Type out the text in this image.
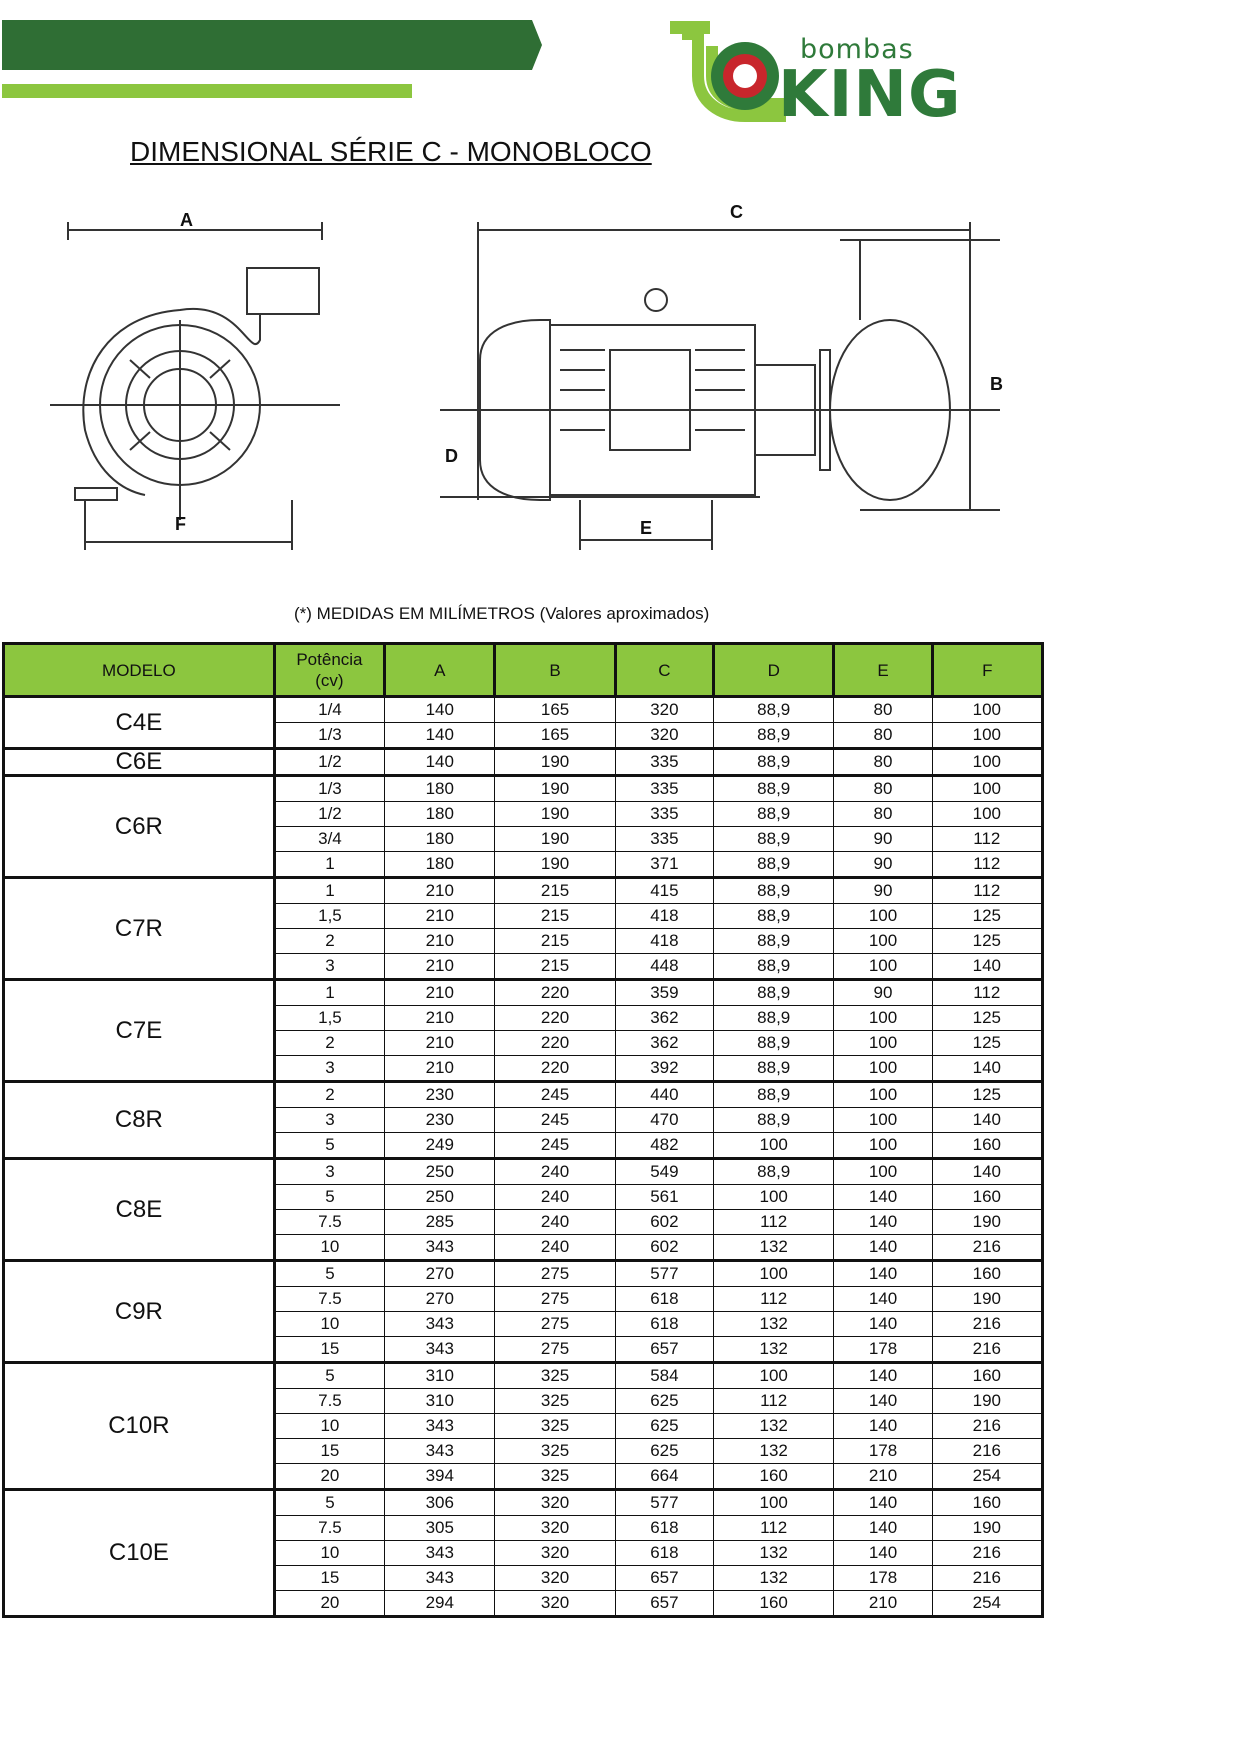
bombas
KING
DIMENSIONAL SÉRIE C - MONOBLOCO
A
F
C
B
D
E
(*) MEDIDAS EM MILÍMETROS (Valores aproximados)
MODELO	Potência
(cv)	A	B	C	D	E	F
C4E	1/4	140	165	320	88,9	80	100
	1/3	140	165	320	88,9	80	100
C6E	1/2	140	190	335	88,9	80	100
C6R	1/3	180	190	335	88,9	80	100
	1/2	180	190	335	88,9	80	100
	3/4	180	190	335	88,9	90	112
	1	180	190	371	88,9	90	112
C7R	1	210	215	415	88,9	90	112
	1,5	210	215	418	88,9	100	125
	2	210	215	418	88,9	100	125
	3	210	215	448	88,9	100	140
C7E	1	210	220	359	88,9	90	112
	1,5	210	220	362	88,9	100	125
	2	210	220	362	88,9	100	125
	3	210	220	392	88,9	100	140
C8R	2	230	245	440	88,9	100	125
	3	230	245	470	88,9	100	140
	5	249	245	482	100	100	160
C8E	3	250	240	549	88,9	100	140
	5	250	240	561	100	140	160
	7.5	285	240	602	112	140	190
	10	343	240	602	132	140	216
C9R	5	270	275	577	100	140	160
	7.5	270	275	618	112	140	190
	10	343	275	618	132	140	216
	15	343	275	657	132	178	216
C10R	5	310	325	584	100	140	160
	7.5	310	325	625	112	140	190
	10	343	325	625	132	140	216
	15	343	325	625	132	178	216
	20	394	325	664	160	210	254
C10E	5	306	320	577	100	140	160
	7.5	305	320	618	112	140	190
	10	343	320	618	132	140	216
	15	343	320	657	132	178	216
	20	294	320	657	160	210	254
